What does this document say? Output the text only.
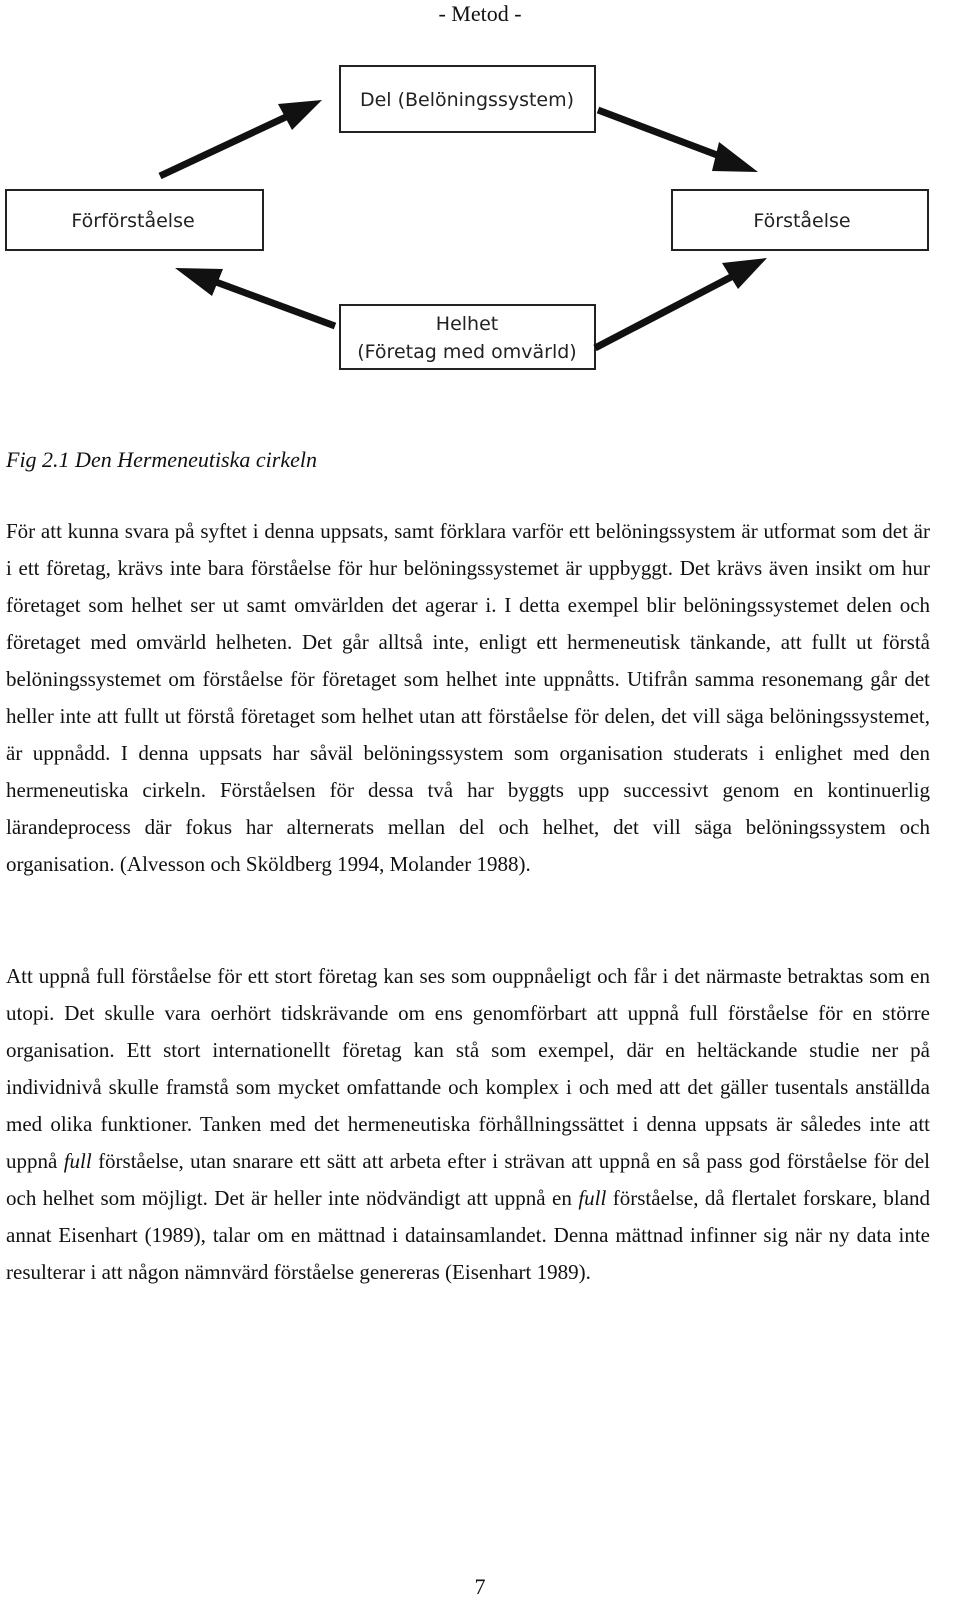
- Metod -
Del (Belöningssystem)
Förförståelse	Förståelse
Helhet
(Företag med omvärld)
Fig 2.1 Den Hermeneutiska cirkeln

För att kunna svara på syftet i denna uppsats, samt förklara varför ett belöningssystem är utformat som det är i ett företag, krävs inte bara förståelse för hur belöningssystemet är uppbyggt. Det krävs även insikt om hur företaget som helhet ser ut samt omvärlden det agerar i. I detta exempel blir belöningssystemet delen och företaget med omvärld helheten. Det går alltså inte, enligt ett hermeneutisk tänkande, att fullt ut förstå belöningssystemet om förståelse för företaget som helhet inte uppnåtts. Utifrån samma resonemang går det heller inte att fullt ut förstå företaget som helhet utan att förståelse för delen, det vill säga belöningssystemet, är uppnådd. I denna uppsats har såväl belöningssystem som organisation studerats i enlighet med den hermeneutiska cirkeln. Förståelsen för dessa två har byggts upp successivt genom en kontinuerlig lärandeprocess där fokus har alternerats mellan del och helhet, det vill säga belöningssystem och organisation. (Alvesson och Sköldberg 1994, Molander 1988).

Att uppnå full förståelse för ett stort företag kan ses som ouppnåeligt och får i det närmaste betraktas som en utopi. Det skulle vara oerhört tidskrävande om ens genomförbart att uppnå full förståelse för en större organisation. Ett stort internationellt företag kan stå som exempel, där en heltäckande studie ner på individnivå skulle framstå som mycket omfattande och komplex i och med att det gäller tusentals anställda med olika funktioner. Tanken med det hermeneutiska förhållningssättet i denna uppsats är således inte att uppnå full förståelse, utan snarare ett sätt att arbeta efter i strävan att uppnå en så pass god förståelse för del och helhet som möjligt. Det är heller inte nödvändigt att uppnå en full förståelse, då flertalet forskare, bland annat Eisenhart (1989), talar om en mättnad i datainsamlandet. Denna mättnad infinner sig när ny data inte resulterar i att någon nämnvärd förståelse genereras (Eisenhart 1989).

7
